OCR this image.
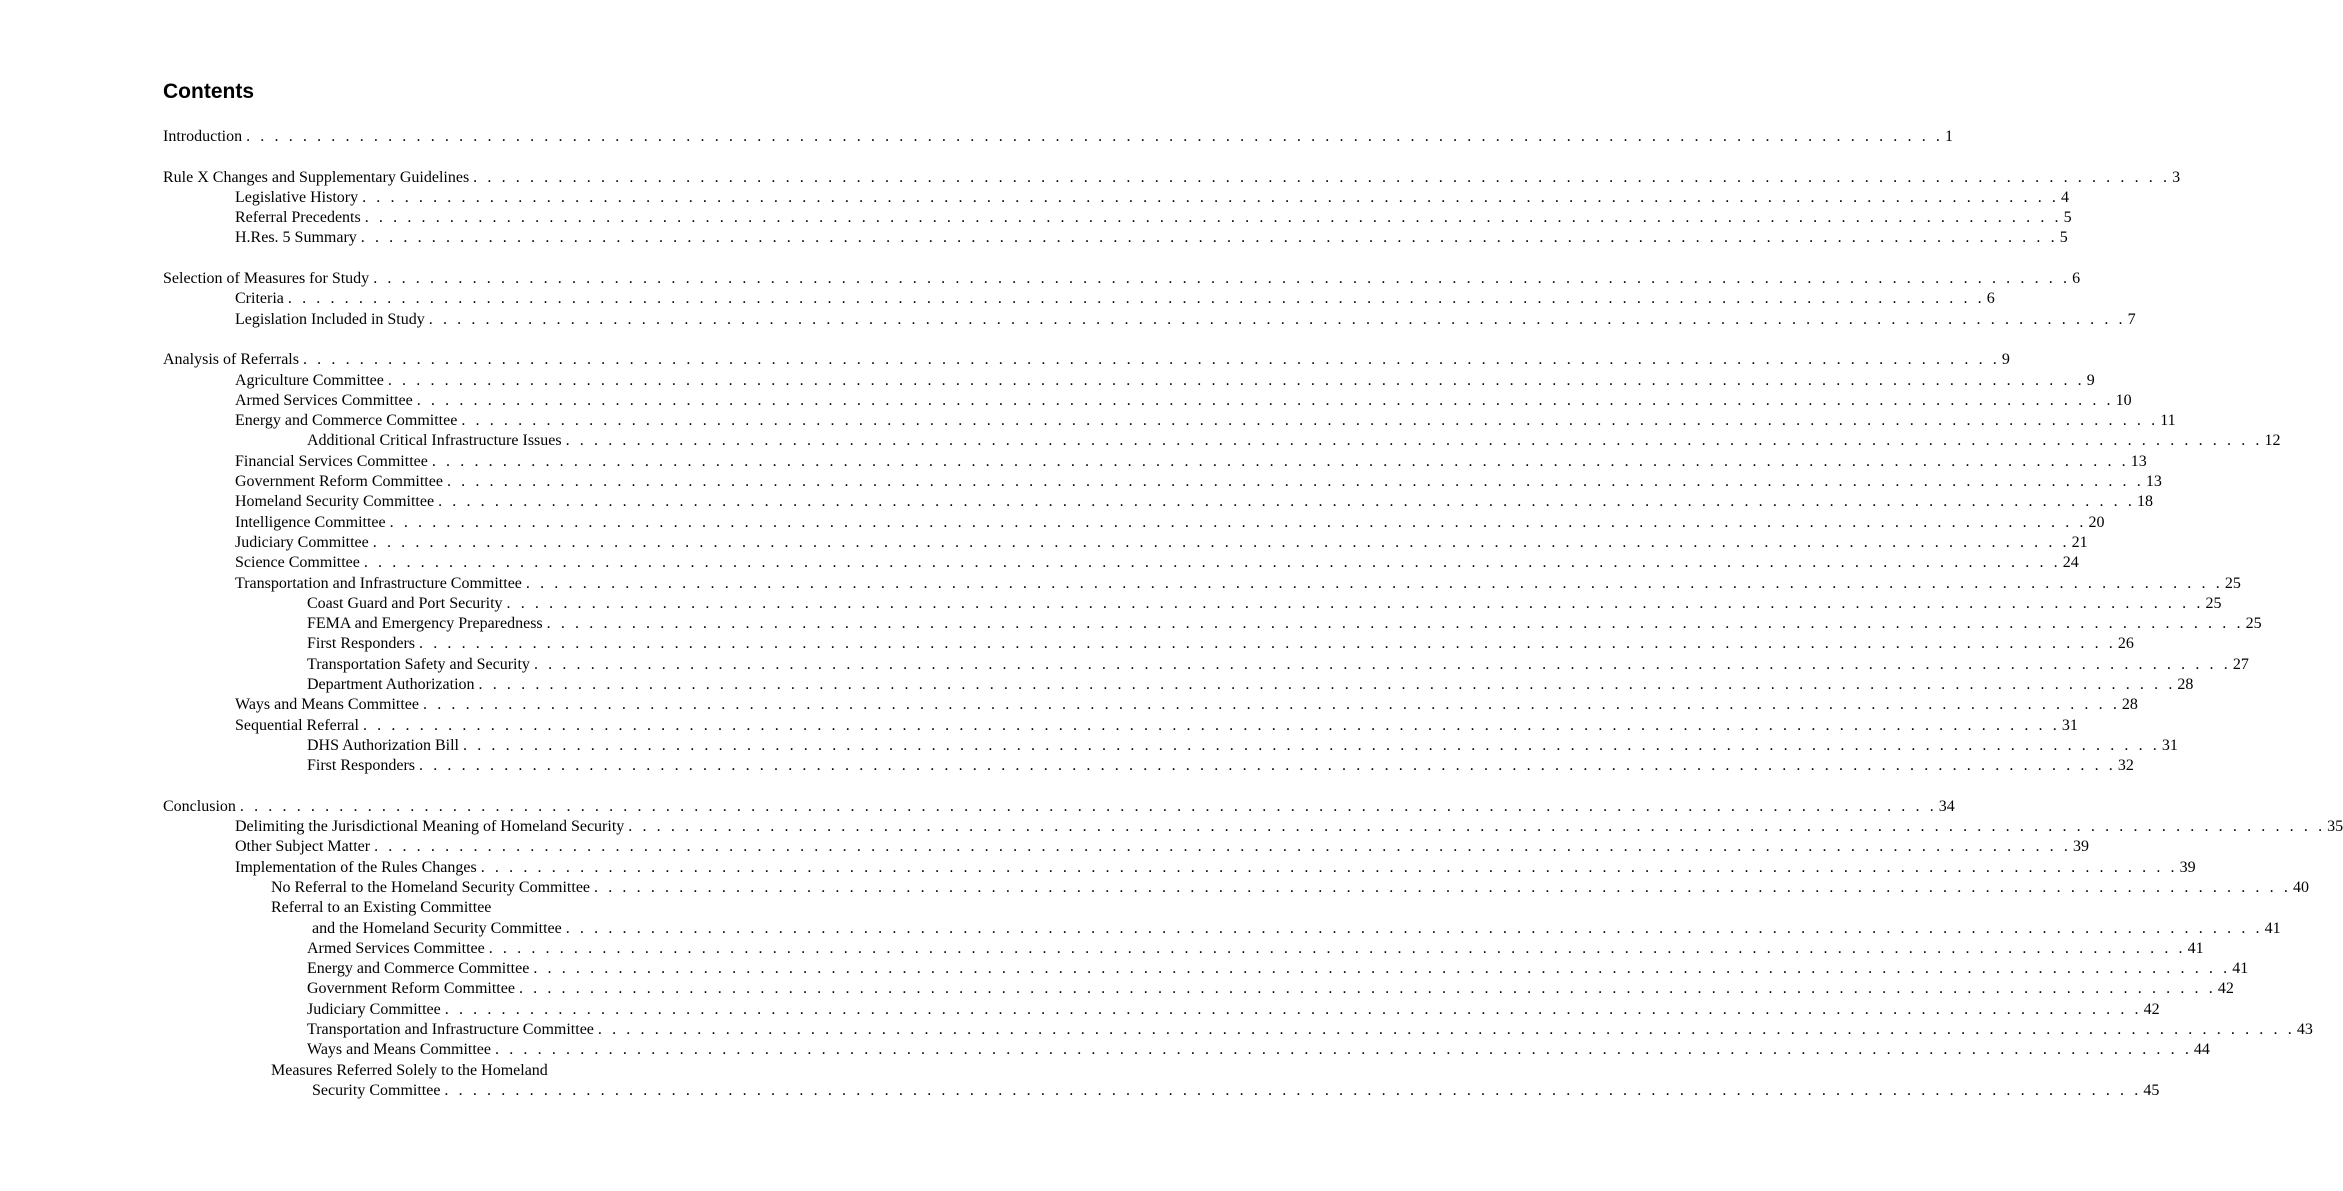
Contents
Introduction . . . . . . . . . . . . . . . . . . . . . . . . . . . . . . . . . . . . . . . . . . . . . . . . . . . . . . . . . . . . . . . . . . . . . . . . . . . . . . . . . . . . . . . . . . . . . . . . . . . . . . . . . . . . . . . . . . . . . . . . 1
Rule X Changes and Supplementary Guidelines . . . . . . . . . . . . . . . . . . . . . . . . . . . . . . . . . . . . . . . . . . . . . . . . . . . . . . . . . . . . . . . . . . . . . . . . . . . . . . . . . . . . . . . . . . . . . . . . . . . . . . . . . . . . . . . . . . . . . . . . 3
Legislative History . . . . . . . . . . . . . . . . . . . . . . . . . . . . . . . . . . . . . . . . . . . . . . . . . . . . . . . . . . . . . . . . . . . . . . . . . . . . . . . . . . . . . . . . . . . . . . . . . . . . . . . . . . . . . . . . . . . . . . . . 4
Referral Precedents . . . . . . . . . . . . . . . . . . . . . . . . . . . . . . . . . . . . . . . . . . . . . . . . . . . . . . . . . . . . . . . . . . . . . . . . . . . . . . . . . . . . . . . . . . . . . . . . . . . . . . . . . . . . . . . . . . . . . . . . 5
H.Res. 5 Summary . . . . . . . . . . . . . . . . . . . . . . . . . . . . . . . . . . . . . . . . . . . . . . . . . . . . . . . . . . . . . . . . . . . . . . . . . . . . . . . . . . . . . . . . . . . . . . . . . . . . . . . . . . . . . . . . . . . . . . . . 5
Selection of Measures for Study . . . . . . . . . . . . . . . . . . . . . . . . . . . . . . . . . . . . . . . . . . . . . . . . . . . . . . . . . . . . . . . . . . . . . . . . . . . . . . . . . . . . . . . . . . . . . . . . . . . . . . . . . . . . . . . . . . . . . . . . 6
Criteria . . . . . . . . . . . . . . . . . . . . . . . . . . . . . . . . . . . . . . . . . . . . . . . . . . . . . . . . . . . . . . . . . . . . . . . . . . . . . . . . . . . . . . . . . . . . . . . . . . . . . . . . . . . . . . . . . . . . . . . . 6
Legislation Included in Study . . . . . . . . . . . . . . . . . . . . . . . . . . . . . . . . . . . . . . . . . . . . . . . . . . . . . . . . . . . . . . . . . . . . . . . . . . . . . . . . . . . . . . . . . . . . . . . . . . . . . . . . . . . . . . . . . . . . . . . . 7
Analysis of Referrals . . . . . . . . . . . . . . . . . . . . . . . . . . . . . . . . . . . . . . . . . . . . . . . . . . . . . . . . . . . . . . . . . . . . . . . . . . . . . . . . . . . . . . . . . . . . . . . . . . . . . . . . . . . . . . . . . . . . . . . . 9
Agriculture Committee . . . . . . . . . . . . . . . . . . . . . . . . . . . . . . . . . . . . . . . . . . . . . . . . . . . . . . . . . . . . . . . . . . . . . . . . . . . . . . . . . . . . . . . . . . . . . . . . . . . . . . . . . . . . . . . . . . . . . . . . 9
Armed Services Committee . . . . . . . . . . . . . . . . . . . . . . . . . . . . . . . . . . . . . . . . . . . . . . . . . . . . . . . . . . . . . . . . . . . . . . . . . . . . . . . . . . . . . . . . . . . . . . . . . . . . . . . . . . . . . . . . . . . . . . . . 10
Energy and Commerce Committee . . . . . . . . . . . . . . . . . . . . . . . . . . . . . . . . . . . . . . . . . . . . . . . . . . . . . . . . . . . . . . . . . . . . . . . . . . . . . . . . . . . . . . . . . . . . . . . . . . . . . . . . . . . . . . . . . . . . . . . . 11
Additional Critical Infrastructure Issues . . . . . . . . . . . . . . . . . . . . . . . . . . . . . . . . . . . . . . . . . . . . . . . . . . . . . . . . . . . . . . . . . . . . . . . . . . . . . . . . . . . . . . . . . . . . . . . . . . . . . . . . . . . . . . . . . . . . . . . . 12
Financial Services Committee . . . . . . . . . . . . . . . . . . . . . . . . . . . . . . . . . . . . . . . . . . . . . . . . . . . . . . . . . . . . . . . . . . . . . . . . . . . . . . . . . . . . . . . . . . . . . . . . . . . . . . . . . . . . . . . . . . . . . . . . 13
Government Reform Committee . . . . . . . . . . . . . . . . . . . . . . . . . . . . . . . . . . . . . . . . . . . . . . . . . . . . . . . . . . . . . . . . . . . . . . . . . . . . . . . . . . . . . . . . . . . . . . . . . . . . . . . . . . . . . . . . . . . . . . . . 13
Homeland Security Committee . . . . . . . . . . . . . . . . . . . . . . . . . . . . . . . . . . . . . . . . . . . . . . . . . . . . . . . . . . . . . . . . . . . . . . . . . . . . . . . . . . . . . . . . . . . . . . . . . . . . . . . . . . . . . . . . . . . . . . . . 18
Intelligence Committee . . . . . . . . . . . . . . . . . . . . . . . . . . . . . . . . . . . . . . . . . . . . . . . . . . . . . . . . . . . . . . . . . . . . . . . . . . . . . . . . . . . . . . . . . . . . . . . . . . . . . . . . . . . . . . . . . . . . . . . . 20
Judiciary Committee . . . . . . . . . . . . . . . . . . . . . . . . . . . . . . . . . . . . . . . . . . . . . . . . . . . . . . . . . . . . . . . . . . . . . . . . . . . . . . . . . . . . . . . . . . . . . . . . . . . . . . . . . . . . . . . . . . . . . . . . 21
Science Committee . . . . . . . . . . . . . . . . . . . . . . . . . . . . . . . . . . . . . . . . . . . . . . . . . . . . . . . . . . . . . . . . . . . . . . . . . . . . . . . . . . . . . . . . . . . . . . . . . . . . . . . . . . . . . . . . . . . . . . . . 24
Transportation and Infrastructure Committee . . . . . . . . . . . . . . . . . . . . . . . . . . . . . . . . . . . . . . . . . . . . . . . . . . . . . . . . . . . . . . . . . . . . . . . . . . . . . . . . . . . . . . . . . . . . . . . . . . . . . . . . . . . . . . . . . . . . . . . . 25
Coast Guard and Port Security . . . . . . . . . . . . . . . . . . . . . . . . . . . . . . . . . . . . . . . . . . . . . . . . . . . . . . . . . . . . . . . . . . . . . . . . . . . . . . . . . . . . . . . . . . . . . . . . . . . . . . . . . . . . . . . . . . . . . . . . 25
FEMA and Emergency Preparedness . . . . . . . . . . . . . . . . . . . . . . . . . . . . . . . . . . . . . . . . . . . . . . . . . . . . . . . . . . . . . . . . . . . . . . . . . . . . . . . . . . . . . . . . . . . . . . . . . . . . . . . . . . . . . . . . . . . . . . . . 25
First Responders . . . . . . . . . . . . . . . . . . . . . . . . . . . . . . . . . . . . . . . . . . . . . . . . . . . . . . . . . . . . . . . . . . . . . . . . . . . . . . . . . . . . . . . . . . . . . . . . . . . . . . . . . . . . . . . . . . . . . . . . 26
Transportation Safety and Security . . . . . . . . . . . . . . . . . . . . . . . . . . . . . . . . . . . . . . . . . . . . . . . . . . . . . . . . . . . . . . . . . . . . . . . . . . . . . . . . . . . . . . . . . . . . . . . . . . . . . . . . . . . . . . . . . . . . . . . . 27
Department Authorization . . . . . . . . . . . . . . . . . . . . . . . . . . . . . . . . . . . . . . . . . . . . . . . . . . . . . . . . . . . . . . . . . . . . . . . . . . . . . . . . . . . . . . . . . . . . . . . . . . . . . . . . . . . . . . . . . . . . . . . . 28
Ways and Means Committee . . . . . . . . . . . . . . . . . . . . . . . . . . . . . . . . . . . . . . . . . . . . . . . . . . . . . . . . . . . . . . . . . . . . . . . . . . . . . . . . . . . . . . . . . . . . . . . . . . . . . . . . . . . . . . . . . . . . . . . . 28
Sequential Referral . . . . . . . . . . . . . . . . . . . . . . . . . . . . . . . . . . . . . . . . . . . . . . . . . . . . . . . . . . . . . . . . . . . . . . . . . . . . . . . . . . . . . . . . . . . . . . . . . . . . . . . . . . . . . . . . . . . . . . . . 31
DHS Authorization Bill . . . . . . . . . . . . . . . . . . . . . . . . . . . . . . . . . . . . . . . . . . . . . . . . . . . . . . . . . . . . . . . . . . . . . . . . . . . . . . . . . . . . . . . . . . . . . . . . . . . . . . . . . . . . . . . . . . . . . . . . 31
First Responders . . . . . . . . . . . . . . . . . . . . . . . . . . . . . . . . . . . . . . . . . . . . . . . . . . . . . . . . . . . . . . . . . . . . . . . . . . . . . . . . . . . . . . . . . . . . . . . . . . . . . . . . . . . . . . . . . . . . . . . . 32
Conclusion . . . . . . . . . . . . . . . . . . . . . . . . . . . . . . . . . . . . . . . . . . . . . . . . . . . . . . . . . . . . . . . . . . . . . . . . . . . . . . . . . . . . . . . . . . . . . . . . . . . . . . . . . . . . . . . . . . . . . . . . 34
Delimiting the Jurisdictional Meaning of Homeland Security . . . . . . . . . . . . . . . . . . . . . . . . . . . . . . . . . . . . . . . . . . . . . . . . . . . . . . . . . . . . . . . . . . . . . . . . . . . . . . . . . . . . . . . . . . . . . . . . . . . . . . . . . . . . . . . . . . . . . . . . 35
Other Subject Matter . . . . . . . . . . . . . . . . . . . . . . . . . . . . . . . . . . . . . . . . . . . . . . . . . . . . . . . . . . . . . . . . . . . . . . . . . . . . . . . . . . . . . . . . . . . . . . . . . . . . . . . . . . . . . . . . . . . . . . . . 39
Implementation of the Rules Changes . . . . . . . . . . . . . . . . . . . . . . . . . . . . . . . . . . . . . . . . . . . . . . . . . . . . . . . . . . . . . . . . . . . . . . . . . . . . . . . . . . . . . . . . . . . . . . . . . . . . . . . . . . . . . . . . . . . . . . . . 39
No Referral to the Homeland Security Committee . . . . . . . . . . . . . . . . . . . . . . . . . . . . . . . . . . . . . . . . . . . . . . . . . . . . . . . . . . . . . . . . . . . . . . . . . . . . . . . . . . . . . . . . . . . . . . . . . . . . . . . . . . . . . . . . . . . . . . . . 40
Referral to an Existing Committee
and the Homeland Security Committee . . . . . . . . . . . . . . . . . . . . . . . . . . . . . . . . . . . . . . . . . . . . . . . . . . . . . . . . . . . . . . . . . . . . . . . . . . . . . . . . . . . . . . . . . . . . . . . . . . . . . . . . . . . . . . . . . . . . . . . . 41
Armed Services Committee . . . . . . . . . . . . . . . . . . . . . . . . . . . . . . . . . . . . . . . . . . . . . . . . . . . . . . . . . . . . . . . . . . . . . . . . . . . . . . . . . . . . . . . . . . . . . . . . . . . . . . . . . . . . . . . . . . . . . . . . 41
Energy and Commerce Committee . . . . . . . . . . . . . . . . . . . . . . . . . . . . . . . . . . . . . . . . . . . . . . . . . . . . . . . . . . . . . . . . . . . . . . . . . . . . . . . . . . . . . . . . . . . . . . . . . . . . . . . . . . . . . . . . . . . . . . . . 41
Government Reform Committee . . . . . . . . . . . . . . . . . . . . . . . . . . . . . . . . . . . . . . . . . . . . . . . . . . . . . . . . . . . . . . . . . . . . . . . . . . . . . . . . . . . . . . . . . . . . . . . . . . . . . . . . . . . . . . . . . . . . . . . . 42
Judiciary Committee . . . . . . . . . . . . . . . . . . . . . . . . . . . . . . . . . . . . . . . . . . . . . . . . . . . . . . . . . . . . . . . . . . . . . . . . . . . . . . . . . . . . . . . . . . . . . . . . . . . . . . . . . . . . . . . . . . . . . . . . 42
Transportation and Infrastructure Committee . . . . . . . . . . . . . . . . . . . . . . . . . . . . . . . . . . . . . . . . . . . . . . . . . . . . . . . . . . . . . . . . . . . . . . . . . . . . . . . . . . . . . . . . . . . . . . . . . . . . . . . . . . . . . . . . . . . . . . . . 43
Ways and Means Committee . . . . . . . . . . . . . . . . . . . . . . . . . . . . . . . . . . . . . . . . . . . . . . . . . . . . . . . . . . . . . . . . . . . . . . . . . . . . . . . . . . . . . . . . . . . . . . . . . . . . . . . . . . . . . . . . . . . . . . . . 44
Measures Referred Solely to the Homeland
Security Committee . . . . . . . . . . . . . . . . . . . . . . . . . . . . . . . . . . . . . . . . . . . . . . . . . . . . . . . . . . . . . . . . . . . . . . . . . . . . . . . . . . . . . . . . . . . . . . . . . . . . . . . . . . . . . . . . . . . . . . . . 45
